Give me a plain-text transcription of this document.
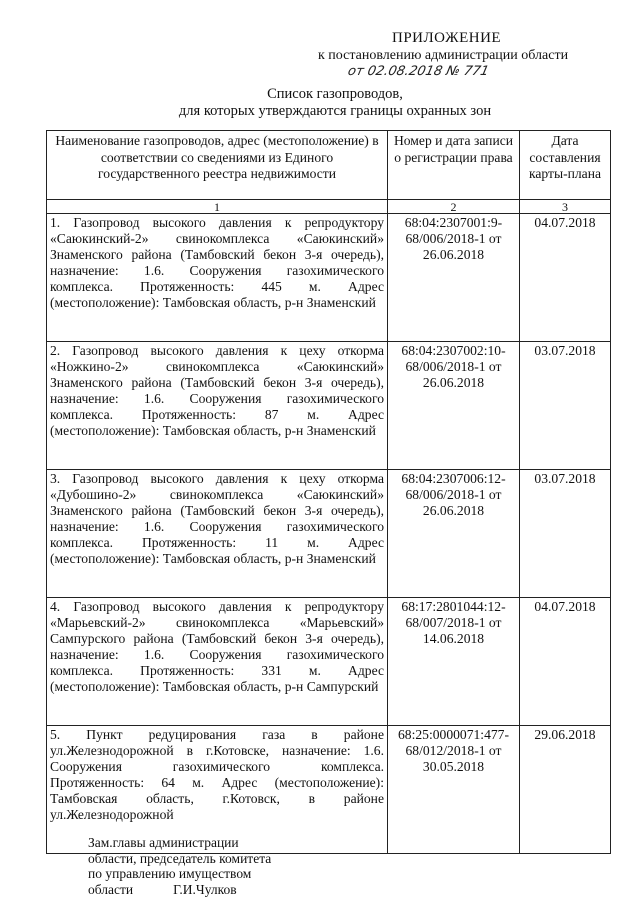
ПРИЛОЖЕНИЕ
к постановлению администрации области
от 02.08.2018 № 771
Список газопроводов,
для которых утверждаются границы охранных зон
Наименование газопроводов, адрес (местоположение) в соответствии со сведениями из Единого государственного реестра недвижимости	Номер и дата записи о регистрации права	Дата составления карты-плана
1	2	3
1. Газопровод высокого давления к репродуктору «Саюкинский-2» свинокомплекса «Саюкинский» Знаменского района (Тамбовский бекон 3-я очередь), назначение: 1.6. Сооружения газохимического комплекса. Протяженность: 445 м. Адрес (местоположение): Тамбовская область, р-н Знаменский	68:04:2307001:9-68/006/2018-1 от 26.06.2018	04.07.2018
2. Газопровод высокого давления к цеху откорма «Ножкино-2» свинокомплекса «Саюкинский» Знаменского района (Тамбовский бекон 3-я очередь), назначение: 1.6. Сооружения газохимического комплекса. Протяженность: 87 м. Адрес (местоположение): Тамбовская область, р-н Знаменский	68:04:2307002:10-68/006/2018-1 от 26.06.2018	03.07.2018
3. Газопровод высокого давления к цеху откорма «Дубошино-2» свинокомплекса «Саюкинский» Знаменского района (Тамбовский бекон 3-я очередь), назначение: 1.6. Сооружения газохимического комплекса. Протяженность: 11 м. Адрес (местоположение): Тамбовская область, р-н Знаменский	68:04:2307006:12-68/006/2018-1 от 26.06.2018	03.07.2018
4. Газопровод высокого давления к репродуктору «Марьевский-2» свинокомплекса «Марьевский» Сампурского района (Тамбовский бекон 3-я очередь), назначение: 1.6. Сооружения газохимического комплекса. Протяженность: 331 м. Адрес (местоположение): Тамбовская область, р-н Сампурский	68:17:2801044:12-68/007/2018-1 от 14.06.2018	04.07.2018
5. Пункт редуцирования газа в районе ул.Железнодорожной в г.Котовске, назначение: 1.6. Сооружения газохимического комплекса. Протяженность: 64 м. Адрес (местоположение): Тамбовская область, г.Котовск, в районе ул.Железнодорожной	68:25:0000071:477-68/012/2018-1 от 30.05.2018	29.06.2018
Зам.главы администрации
области, председатель комитета
по управлению имуществом
области	Г.И.Чулков
